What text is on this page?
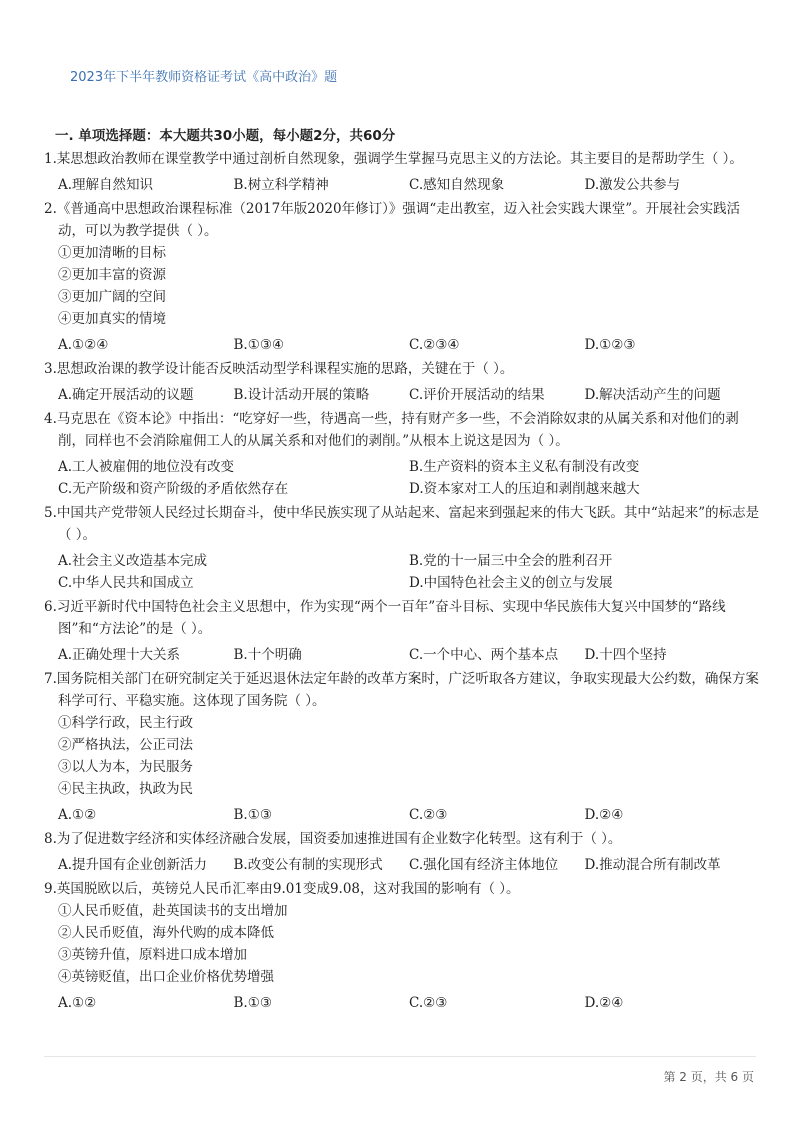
2023年下半年教师资格证考试《高中政治》题
一. 单项选择题：本大题共30小题，每小题2分，共60分

1.某思想政治教师在课堂教学中通过剖析自然现象，强调学生掌握马克思主义的方法论。其主要目的是帮助学生（ ）。

A.理解自然知识	B.树立科学精神	C.感知自然现象	D.激发公共参与

2.《普通高中思想政治课程标准（2017年版2020年修订）》强调“走出教室，迈入社会实践大课堂”。开展社会实践活动，可以为教学提供（ ）。

①更加清晰的目标

②更加丰富的资源

③更加广阔的空间

④更加真实的情境

A.①②④	B.①③④	C.②③④	D.①②③

3.思想政治课的教学设计能否反映活动型学科课程实施的思路，关键在于（ ）。

A.确定开展活动的议题	B.设计活动开展的策略	C.评价开展活动的结果	D.解决活动产生的问题

4.马克思在《资本论》中指出：“吃穿好一些，待遇高一些，持有财产多一些，不会消除奴隶的从属关系和对他们的剥削，同样也不会消除雇佣工人的从属关系和对他们的剥削。”从根本上说这是因为（ ）。

A.工人被雇佣的地位没有改变	B.生产资料的资本主义私有制没有改变
C.无产阶级和资产阶级的矛盾依然存在	D.资本家对工人的压迫和剥削越来越大

5.中国共产党带领人民经过长期奋斗，使中华民族实现了从站起来、富起来到强起来的伟大飞跃。其中“站起来”的标志是（ ）。

A.社会主义改造基本完成	B.党的十一届三中全会的胜利召开
C.中华人民共和国成立	D.中国特色社会主义的创立与发展

6.习近平新时代中国特色社会主义思想中，作为实现“两个一百年”奋斗目标、实现中华民族伟大复兴中国梦的“路线图”和“方法论”的是（ ）。

A.正确处理十大关系	B.十个明确	C.一个中心、两个基本点	D.十四个坚持

7.国务院相关部门在研究制定关于延迟退休法定年龄的改革方案时，广泛听取各方建议，争取实现最大公约数，确保方案科学可行、平稳实施。这体现了国务院（ ）。

①科学行政，民主行政

②严格执法，公正司法

③以人为本，为民服务

④民主执政，执政为民

A.①②	B.①③	C.②③	D.②④

8.为了促进数字经济和实体经济融合发展，国资委加速推进国有企业数字化转型。这有利于（ ）。

A.提升国有企业创新活力	B.改变公有制的实现形式	C.强化国有经济主体地位	D.推动混合所有制改革

9.英国脱欧以后，英镑兑人民币汇率由9.01变成9.08，这对我国的影响有（ ）。

①人民币贬值，赴英国读书的支出增加

②人民币贬值，海外代购的成本降低

③英镑升值，原料进口成本增加

④英镑贬值，出口企业价格优势增强

A.①②	B.①③	C.②③	D.②④
第 2 页，共 6 页
